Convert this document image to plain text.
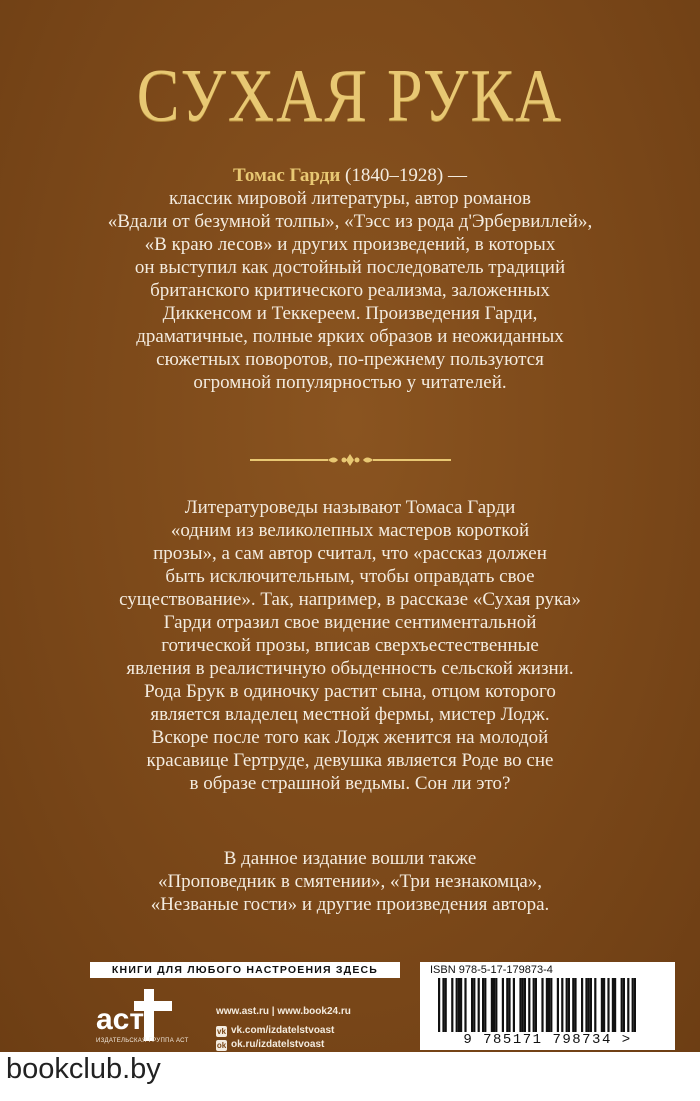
СУХАЯ РУКА
Томас Гарди (1840–1928) —
классик мировой литературы, автор романов
«Вдали от безумной толпы», «Тэсс из рода д'Эрбервиллей»,
«В краю лесов» и других произведений, в которых
он выступил как достойный последователь традиций
британского критического реализма, заложенных
Диккенсом и Теккереем. Произведения Гарди,
драматичные, полные ярких образов и неожиданных
сюжетных поворотов, по-прежнему пользуются
огромной популярностью у читателей.
Литературоведы называют Томаса Гарди
«одним из великолепных мастеров короткой
прозы», а сам автор считал, что «рассказ должен
быть исключительным, чтобы оправдать свое
существование». Так, например, в рассказе «Сухая рука»
Гарди отразил свое видение сентиментальной
готической прозы, вписав сверхъестественные
явления в реалистичную обыденность сельской жизни.
Рода Брук в одиночку растит сына, отцом которого
является владелец местной фермы, мистер Лодж.
Вскоре после того как Лодж женится на молодой
красавице Гертруде, девушка является Роде во сне
в образе страшной ведьмы. Сон ли это?
В данное издание вошли также
«Проповедник в смятении», «Три незнакомца»,
«Незваные гости» и другие произведения автора.
КНИГИ ДЛЯ ЛЮБОГО НАСТРОЕНИЯ ЗДЕСЬ
аст
ИЗДАТЕЛЬСКАЯ ГРУППА АСТ
www.ast.ru | www.book24.ru
vk vk.com/izdatelstvoast
ok ok.ru/izdatelstvoast
ISBN 978-5-17-179873-4
9 785171 798734 >
bookclub.by
